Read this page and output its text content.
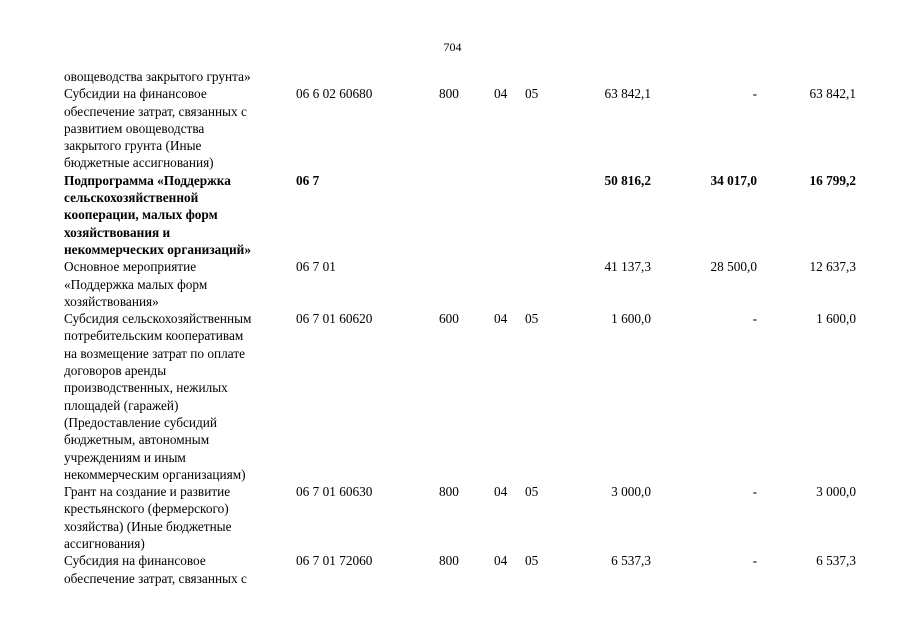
704
овощеводства закрытого грунта»
Субсидии на финансовое
обеспечение затрат, связанных с
развитием овощеводства
закрытого грунта (Иные
бюджетные ассигнования)
06 6 02 60680	800	04 05	63 842,1	-	63 842,1
Подпрограмма «Поддержка
сельскохозяйственной
кооперации, малых форм
хозяйствования и
некоммерческих организаций»
06 7	50 816,2	34 017,0	16 799,2
Основное мероприятие
«Поддержка малых форм
хозяйствования»
06 7 01	41 137,3	28 500,0	12 637,3
Субсидия сельскохозяйственным
потребительским кооперативам
на возмещение затрат по оплате
договоров аренды
производственных, нежилых
площадей (гаражей)
(Предоставление субсидий
бюджетным, автономным
учреждениям и иным
некоммерческим организациям)
06 7 01 60620	600	04 05	1 600,0	-	1 600,0
Грант на создание и развитие
крестьянского (фермерского)
хозяйства) (Иные бюджетные
ассигнования)
06 7 01 60630	800	04 05	3 000,0	-	3 000,0
Субсидия на финансовое
обеспечение затрат, связанных с
06 7 01 72060	800	04 05	6 537,3	-	6 537,3
